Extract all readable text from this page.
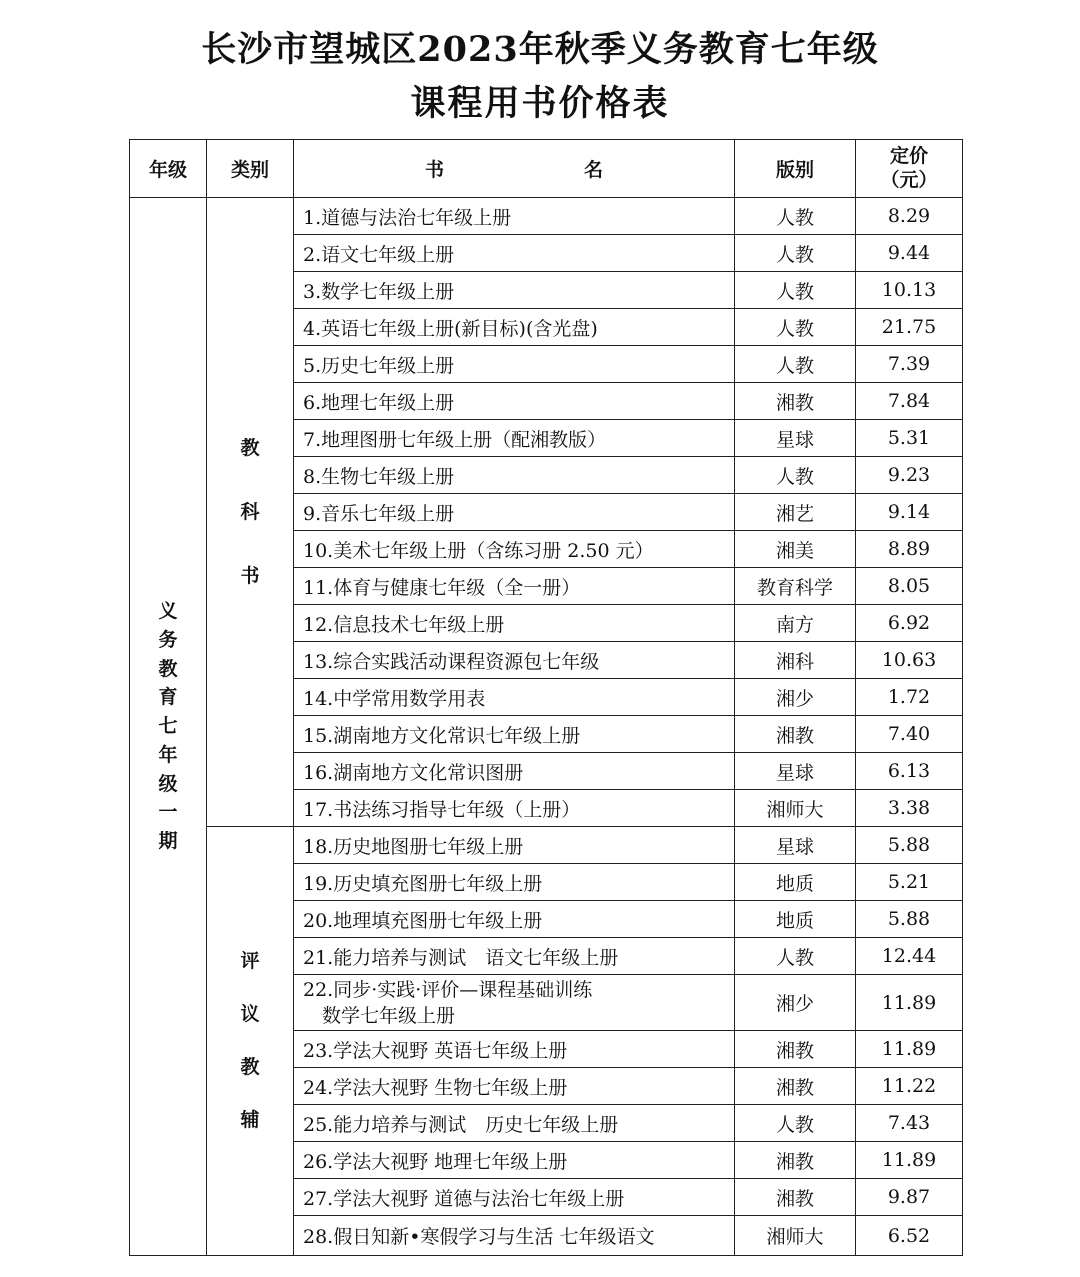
长沙市望城区2023年秋季义务教育七年级
课程用书价格表
年级	类别	书 名	版别	定价
（元）

义务教育七年级一期	教科书	1.道德与法治七年级上册	人教	8.29
		2.语文七年级上册	人教	9.44
		3.数学七年级上册	人教	10.13
		4.英语七年级上册(新目标)(含光盘)	人教	21.75
		5.历史七年级上册	人教	7.39
		6.地理七年级上册	湘教	7.84
		7.地理图册七年级上册（配湘教版）	星球	5.31
		8.生物七年级上册	人教	9.23
		9.音乐七年级上册	湘艺	9.14
		10.美术七年级上册（含练习册 2.50 元）	湘美	8.89
		11.体育与健康七年级（全一册）	教育科学	8.05
		12.信息技术七年级上册	南方	6.92
		13.综合实践活动课程资源包七年级	湘科	10.63
		14.中学常用数学用表	湘少	1.72
		15.湖南地方文化常识七年级上册	湘教	7.40
		16.湖南地方文化常识图册	星球	6.13
		17.书法练习指导七年级（上册）	湘师大	3.38
	评议教辅	18.历史地图册七年级上册	星球	5.88
		19.历史填充图册七年级上册	地质	5.21
		20.地理填充图册七年级上册	地质	5.88
		21.能力培养与测试　语文七年级上册	人教	12.44

		22.同步·实践·评价—课程基础训练
数学七年级上册	湘少	11.89
		23.学法大视野 英语七年级上册	湘教	11.89
		24.学法大视野 生物七年级上册	湘教	11.22
		25.能力培养与测试　历史七年级上册	人教	7.43
		26.学法大视野 地理七年级上册	湘教	11.89
		27.学法大视野 道德与法治七年级上册	湘教	9.87
		28.假日知新•寒假学习与生活 七年级语文	湘师大	6.52
